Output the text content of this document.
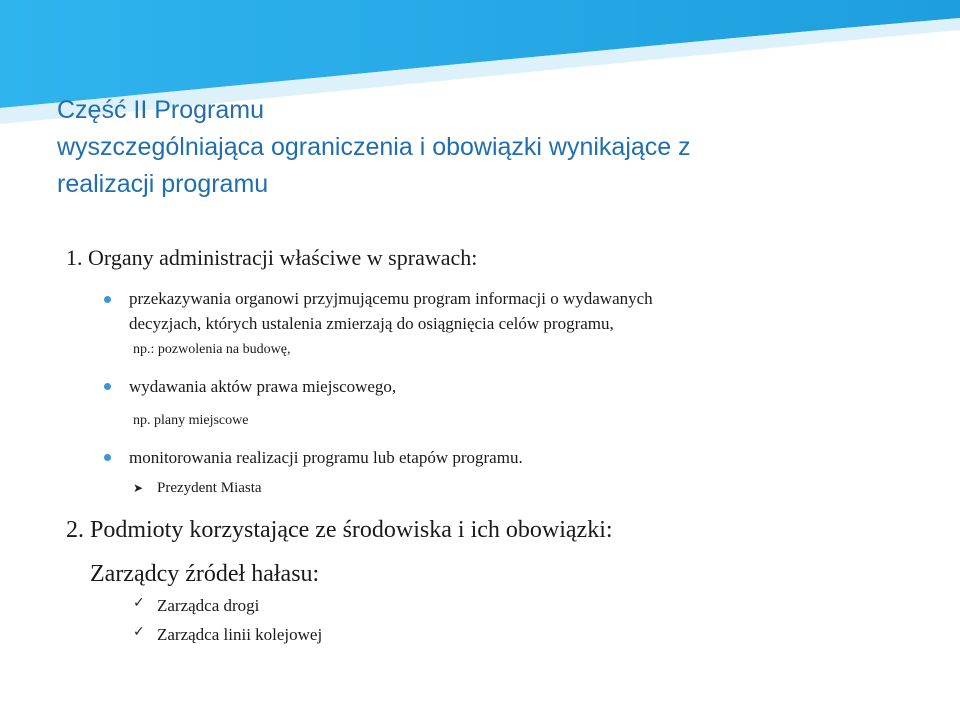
Część II Programu
wyszczególniająca ograniczenia i obowiązki wynikające z
realizacji programu
1. Organy administracji właściwe w sprawach:
przekazywania organowi przyjmującemu program informacji o wydawanych
decyzjach, których ustalenia zmierzają do osiągnięcia celów programu,
np.: pozwolenia na budowę,
wydawania aktów prawa miejscowego,
np. plany miejscowe
monitorowania realizacji programu lub etapów programu.
➤ Prezydent Miasta
2. Podmioty korzystające ze środowiska i ich obowiązki:
Zarządcy źródeł hałasu:
✓ Zarządca drogi
✓ Zarządca linii kolejowej
